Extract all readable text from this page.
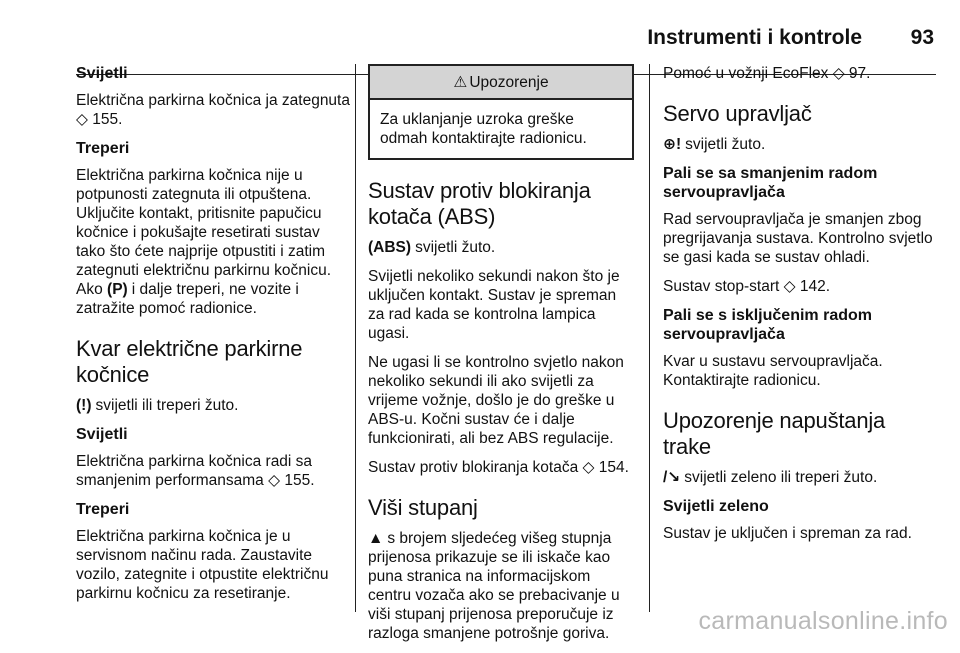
Instrumenti i kontrole 93
Svijetli

Električna parkirna kočnica ja zategnuta ◇ 155.

Treperi

Električna parkirna kočnica nije u potpunosti zategnuta ili otpuštena. Uključite kontakt, pritisnite papučicu kočnice i pokušajte resetirati sustav tako što ćete najprije otpustiti i zatim zategnuti električnu parkirnu kočnicu. Ako (P) i dalje treperi, ne vozite i zatražite pomoć radionice.

Kvar električne parkirne kočnice

(!) svijetli ili treperi žuto.

Svijetli

Električna parkirna kočnica radi sa smanjenim performansama ◇ 155.

Treperi

Električna parkirna kočnica je u servisnom načinu rada. Zaustavite vozilo, zategnite i otpustite električnu parkirnu kočnicu za resetiranje.

⚠ Upozorenje
Za uklanjanje uzroka greške odmah kontaktirajte radionicu.
Sustav protiv blokiranja kotača (ABS)

(ABS) svijetli žuto.

Svijetli nekoliko sekundi nakon što je uključen kontakt. Sustav je spreman za rad kada se kontrolna lampica ugasi.

Ne ugasi li se kontrolno svjetlo nakon nekoliko sekundi ili ako svijetli za vrijeme vožnje, došlo je do greške u ABS-u. Kočni sustav će i dalje funkcionirati, ali bez ABS regulacije.

Sustav protiv blokiranja kotača ◇ 154.

Viši stupanj

▲ s brojem sljedećeg višeg stupnja prijenosa prikazuje se ili iskače kao puna stranica na informacijskom centru vozača ako se prebacivanje u viši stupanj prijenosa preporučuje iz razloga smanjene potrošnje goriva.

Pomoć u vožnji EcoFlex ◇ 97.

Servo upravljač

⊕! svijetli žuto.

Pali se sa smanjenim radom servoupravljača

Rad servoupravljača je smanjen zbog pregrijavanja sustava. Kontrolno svjetlo se gasi kada se sustav ohladi.

Sustav stop-start ◇ 142.

Pali se s isključenim radom servoupravljača

Kvar u sustavu servoupravljača. Kontaktirajte radionicu.

Upozorenje napuštanja trake

/↘ svijetli zeleno ili treperi žuto.

Svijetli zeleno

Sustav je uključen i spreman za rad.

carmanualsonline.info
